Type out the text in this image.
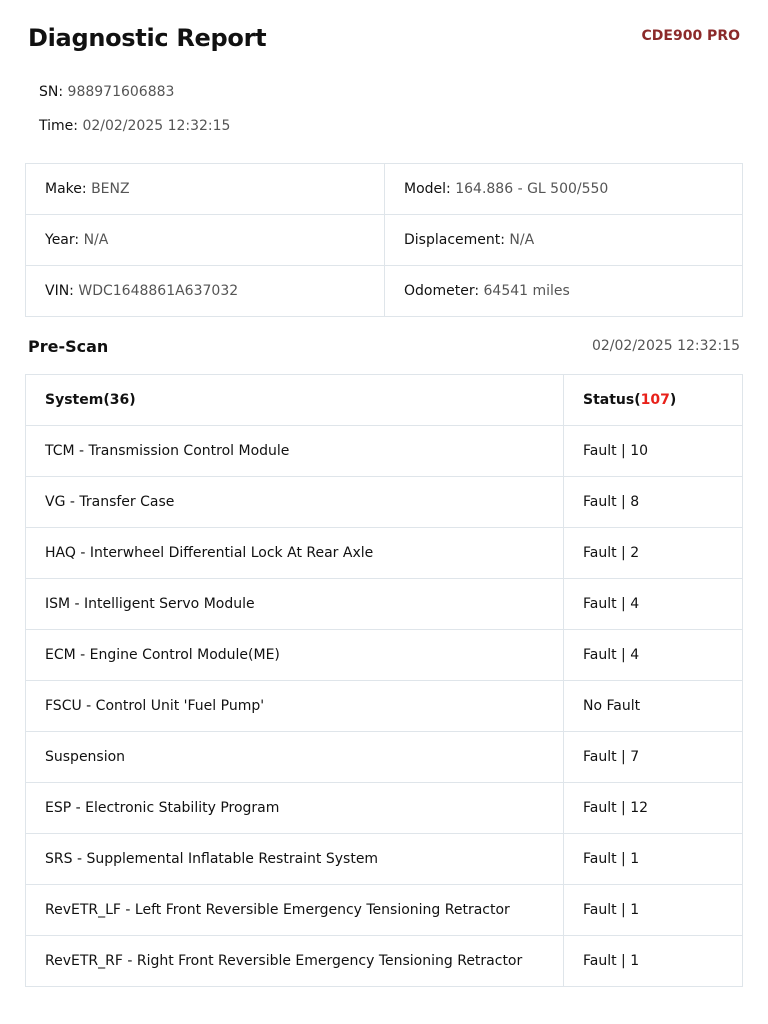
Diagnostic Report	CDE900 PRO
SN: 988971606883
Time: 02/02/2025 12:32:15
Make: BENZ	Model: 164.886 - GL 500/550
Year: N/A	Displacement: N/A
VIN: WDC1648861A637032	Odometer: 64541 miles
Pre-Scan	02/02/2025 12:32:15
System(36)	Status(107)
TCM - Transmission Control Module	Fault | 10
VG - Transfer Case	Fault | 8
HAQ - Interwheel Differential Lock At Rear Axle	Fault | 2
ISM - Intelligent Servo Module	Fault | 4
ECM - Engine Control Module(ME)	Fault | 4
FSCU - Control Unit 'Fuel Pump'	No Fault
Suspension	Fault | 7
ESP - Electronic Stability Program	Fault | 12
SRS - Supplemental Inflatable Restraint System	Fault | 1
RevETR_LF - Left Front Reversible Emergency Tensioning Retractor	Fault | 1
RevETR_RF - Right Front Reversible Emergency Tensioning Retractor	Fault | 1
